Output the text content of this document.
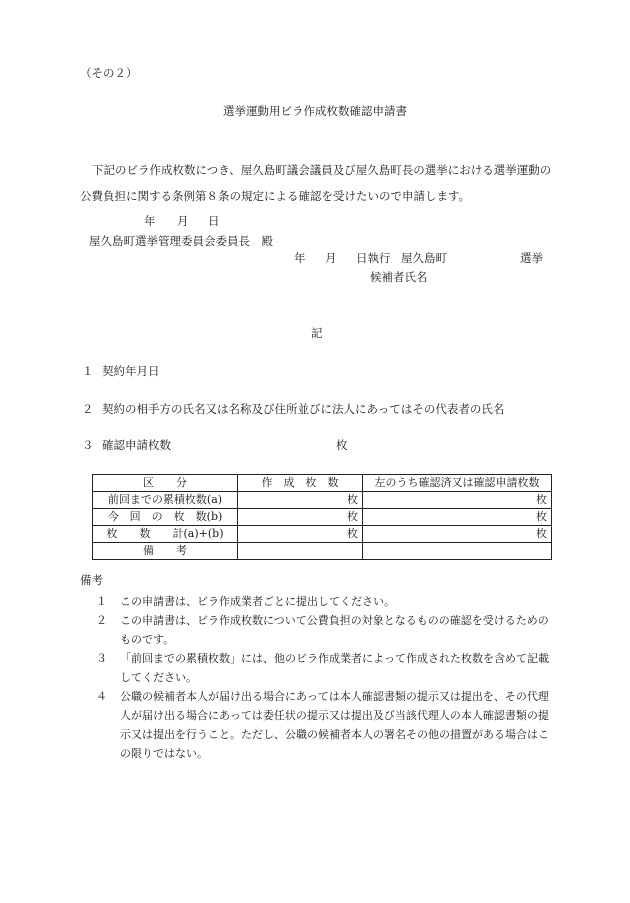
（その２）
選挙運動用ビラ作成枚数確認申請書
下記のビラ作成枚数につき、屋久島町議会議員及び屋久島町長の選挙における選挙運動の公費負担に関する条例第８条の規定による確認を受けたいので申請します。
年 月 日
屋久島町選挙管理委員会委員長　殿
年 月 日執行 屋久島町	選挙
候補者氏名
記
１ 契約年月日
２ 契約の相手方の氏名又は名称及び住所並びに法人にあってはその代表者の氏名
３ 確認申請枚数	枚
区　　分	作　成　枚　数	左のうち確認済又は確認申請枚数
前回までの累積枚数(a)	枚	枚
今　回　の　枚　数(b)	枚	枚
枚　　数　　計(a)+(b)	枚	枚
備　　考		
備考
１ この申請書は、ビラ作成業者ごとに提出してください。
２ この申請書は、ビラ作成枚数について公費負担の対象となるものの確認を受けるためのものです。
３ 「前回までの累積枚数」には、他のビラ作成業者によって作成された枚数を含めて記載してください。
４ 公職の候補者本人が届け出る場合にあっては本人確認書類の提示又は提出を、その代理人が届け出る場合にあっては委任状の提示又は提出及び当該代理人の本人確認書類の提示又は提出を行うこと。ただし、公職の候補者本人の署名その他の措置がある場合はこの限りではない。
